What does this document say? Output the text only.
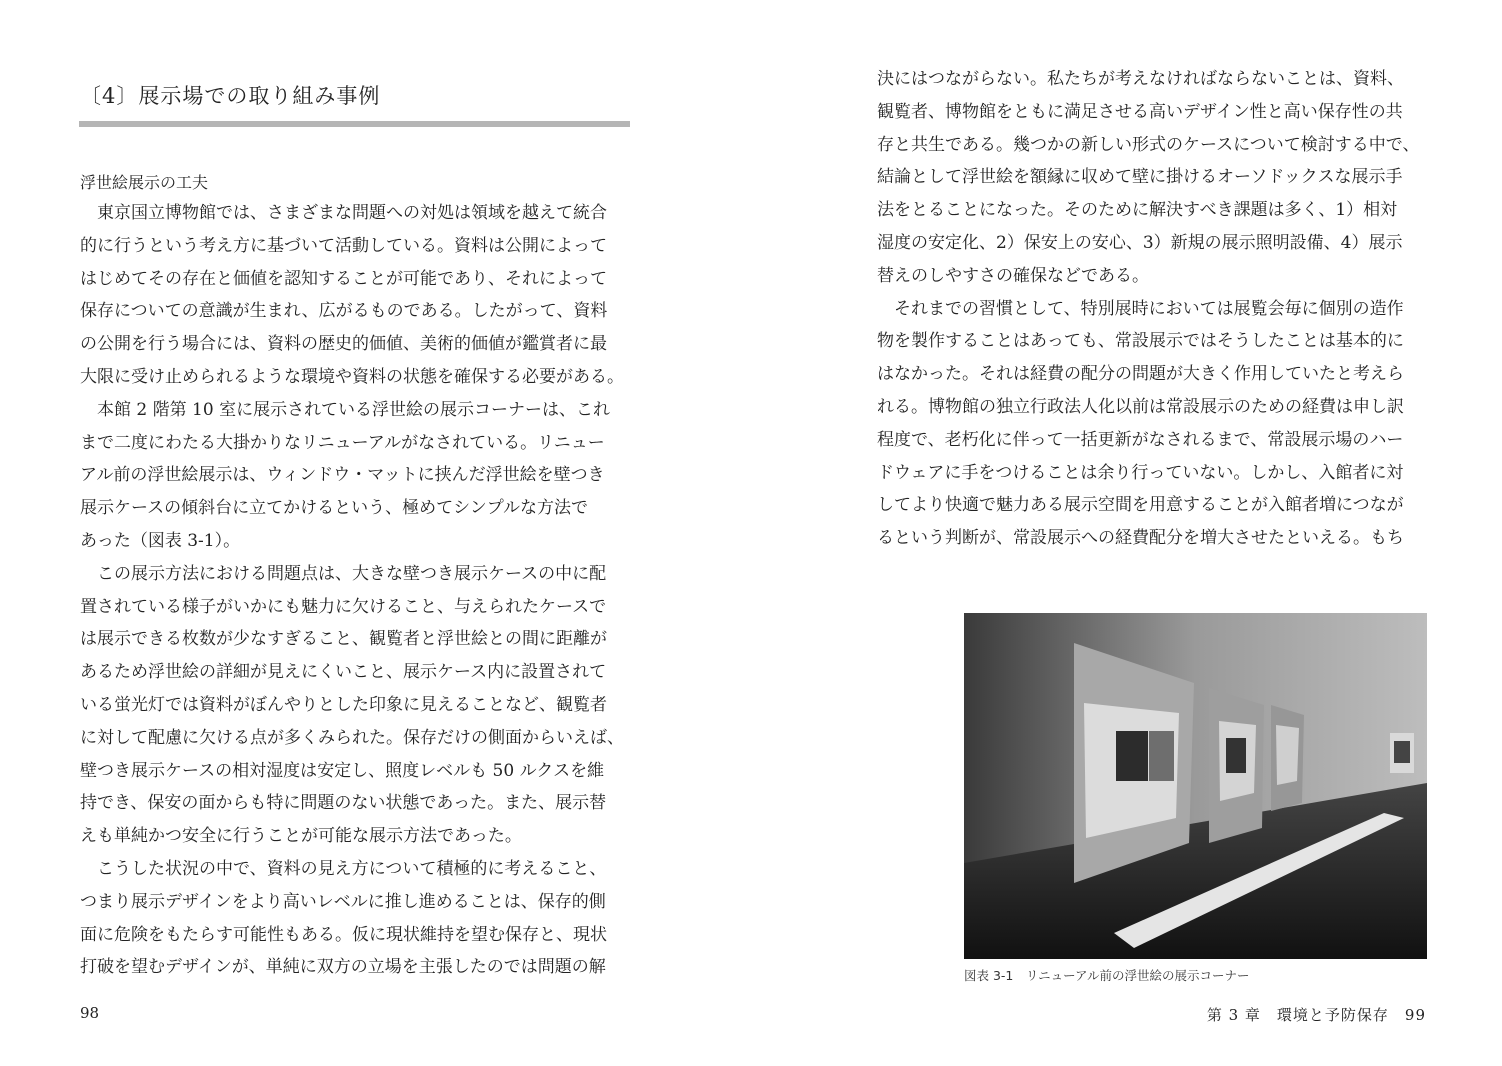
〔4〕展示場での取り組み事例
浮世絵展示の工夫
　東京国立博物館では、さまざまな問題への対処は領域を越えて統合
的に行うという考え方に基づいて活動している。資料は公開によって
はじめてその存在と価値を認知することが可能であり、それによって
保存についての意識が生まれ、広がるものである。したがって、資料
の公開を行う場合には、資料の歴史的価値、美術的価値が鑑賞者に最
大限に受け止められるような環境や資料の状態を確保する必要がある。
　本館 2 階第 10 室に展示されている浮世絵の展示コーナーは、これ
まで二度にわたる大掛かりなリニューアルがなされている。リニュー
アル前の浮世絵展示は、ウィンドウ・マットに挟んだ浮世絵を壁つき
展示ケースの傾斜台に立てかけるという、極めてシンプルな方法で
あった（図表 3-1）。
　この展示方法における問題点は、大きな壁つき展示ケースの中に配
置されている様子がいかにも魅力に欠けること、与えられたケースで
は展示できる枚数が少なすぎること、観覧者と浮世絵との間に距離が
あるため浮世絵の詳細が見えにくいこと、展示ケース内に設置されて
いる蛍光灯では資料がぼんやりとした印象に見えることなど、観覧者
に対して配慮に欠ける点が多くみられた。保存だけの側面からいえば、
壁つき展示ケースの相対湿度は安定し、照度レベルも 50 ルクスを維
持でき、保安の面からも特に問題のない状態であった。また、展示替
えも単純かつ安全に行うことが可能な展示方法であった。
　こうした状況の中で、資料の見え方について積極的に考えること、
つまり展示デザインをより高いレベルに推し進めることは、保存的側
面に危険をもたらす可能性もある。仮に現状維持を望む保存と、現状
打破を望むデザインが、単純に双方の立場を主張したのでは問題の解
98
決にはつながらない。私たちが考えなければならないことは、資料、
観覧者、博物館をともに満足させる高いデザイン性と高い保存性の共
存と共生である。幾つかの新しい形式のケースについて検討する中で、
結論として浮世絵を額縁に収めて壁に掛けるオーソドックスな展示手
法をとることになった。そのために解決すべき課題は多く、1）相対
湿度の安定化、2）保安上の安心、3）新規の展示照明設備、4）展示
替えのしやすさの確保などである。
　それまでの習慣として、特別展時においては展覧会毎に個別の造作
物を製作することはあっても、常設展示ではそうしたことは基本的に
はなかった。それは経費の配分の問題が大きく作用していたと考えら
れる。博物館の独立行政法人化以前は常設展示のための経費は申し訳
程度で、老朽化に伴って一括更新がなされるまで、常設展示場のハー
ドウェアに手をつけることは余り行っていない。しかし、入館者に対
してより快適で魅力ある展示空間を用意することが入館者増につなが
るという判断が、常設展示への経費配分を増大させたといえる。もち
図表 3-1　リニューアル前の浮世絵の展示コーナー
第 3 章　環境と予防保存　99
